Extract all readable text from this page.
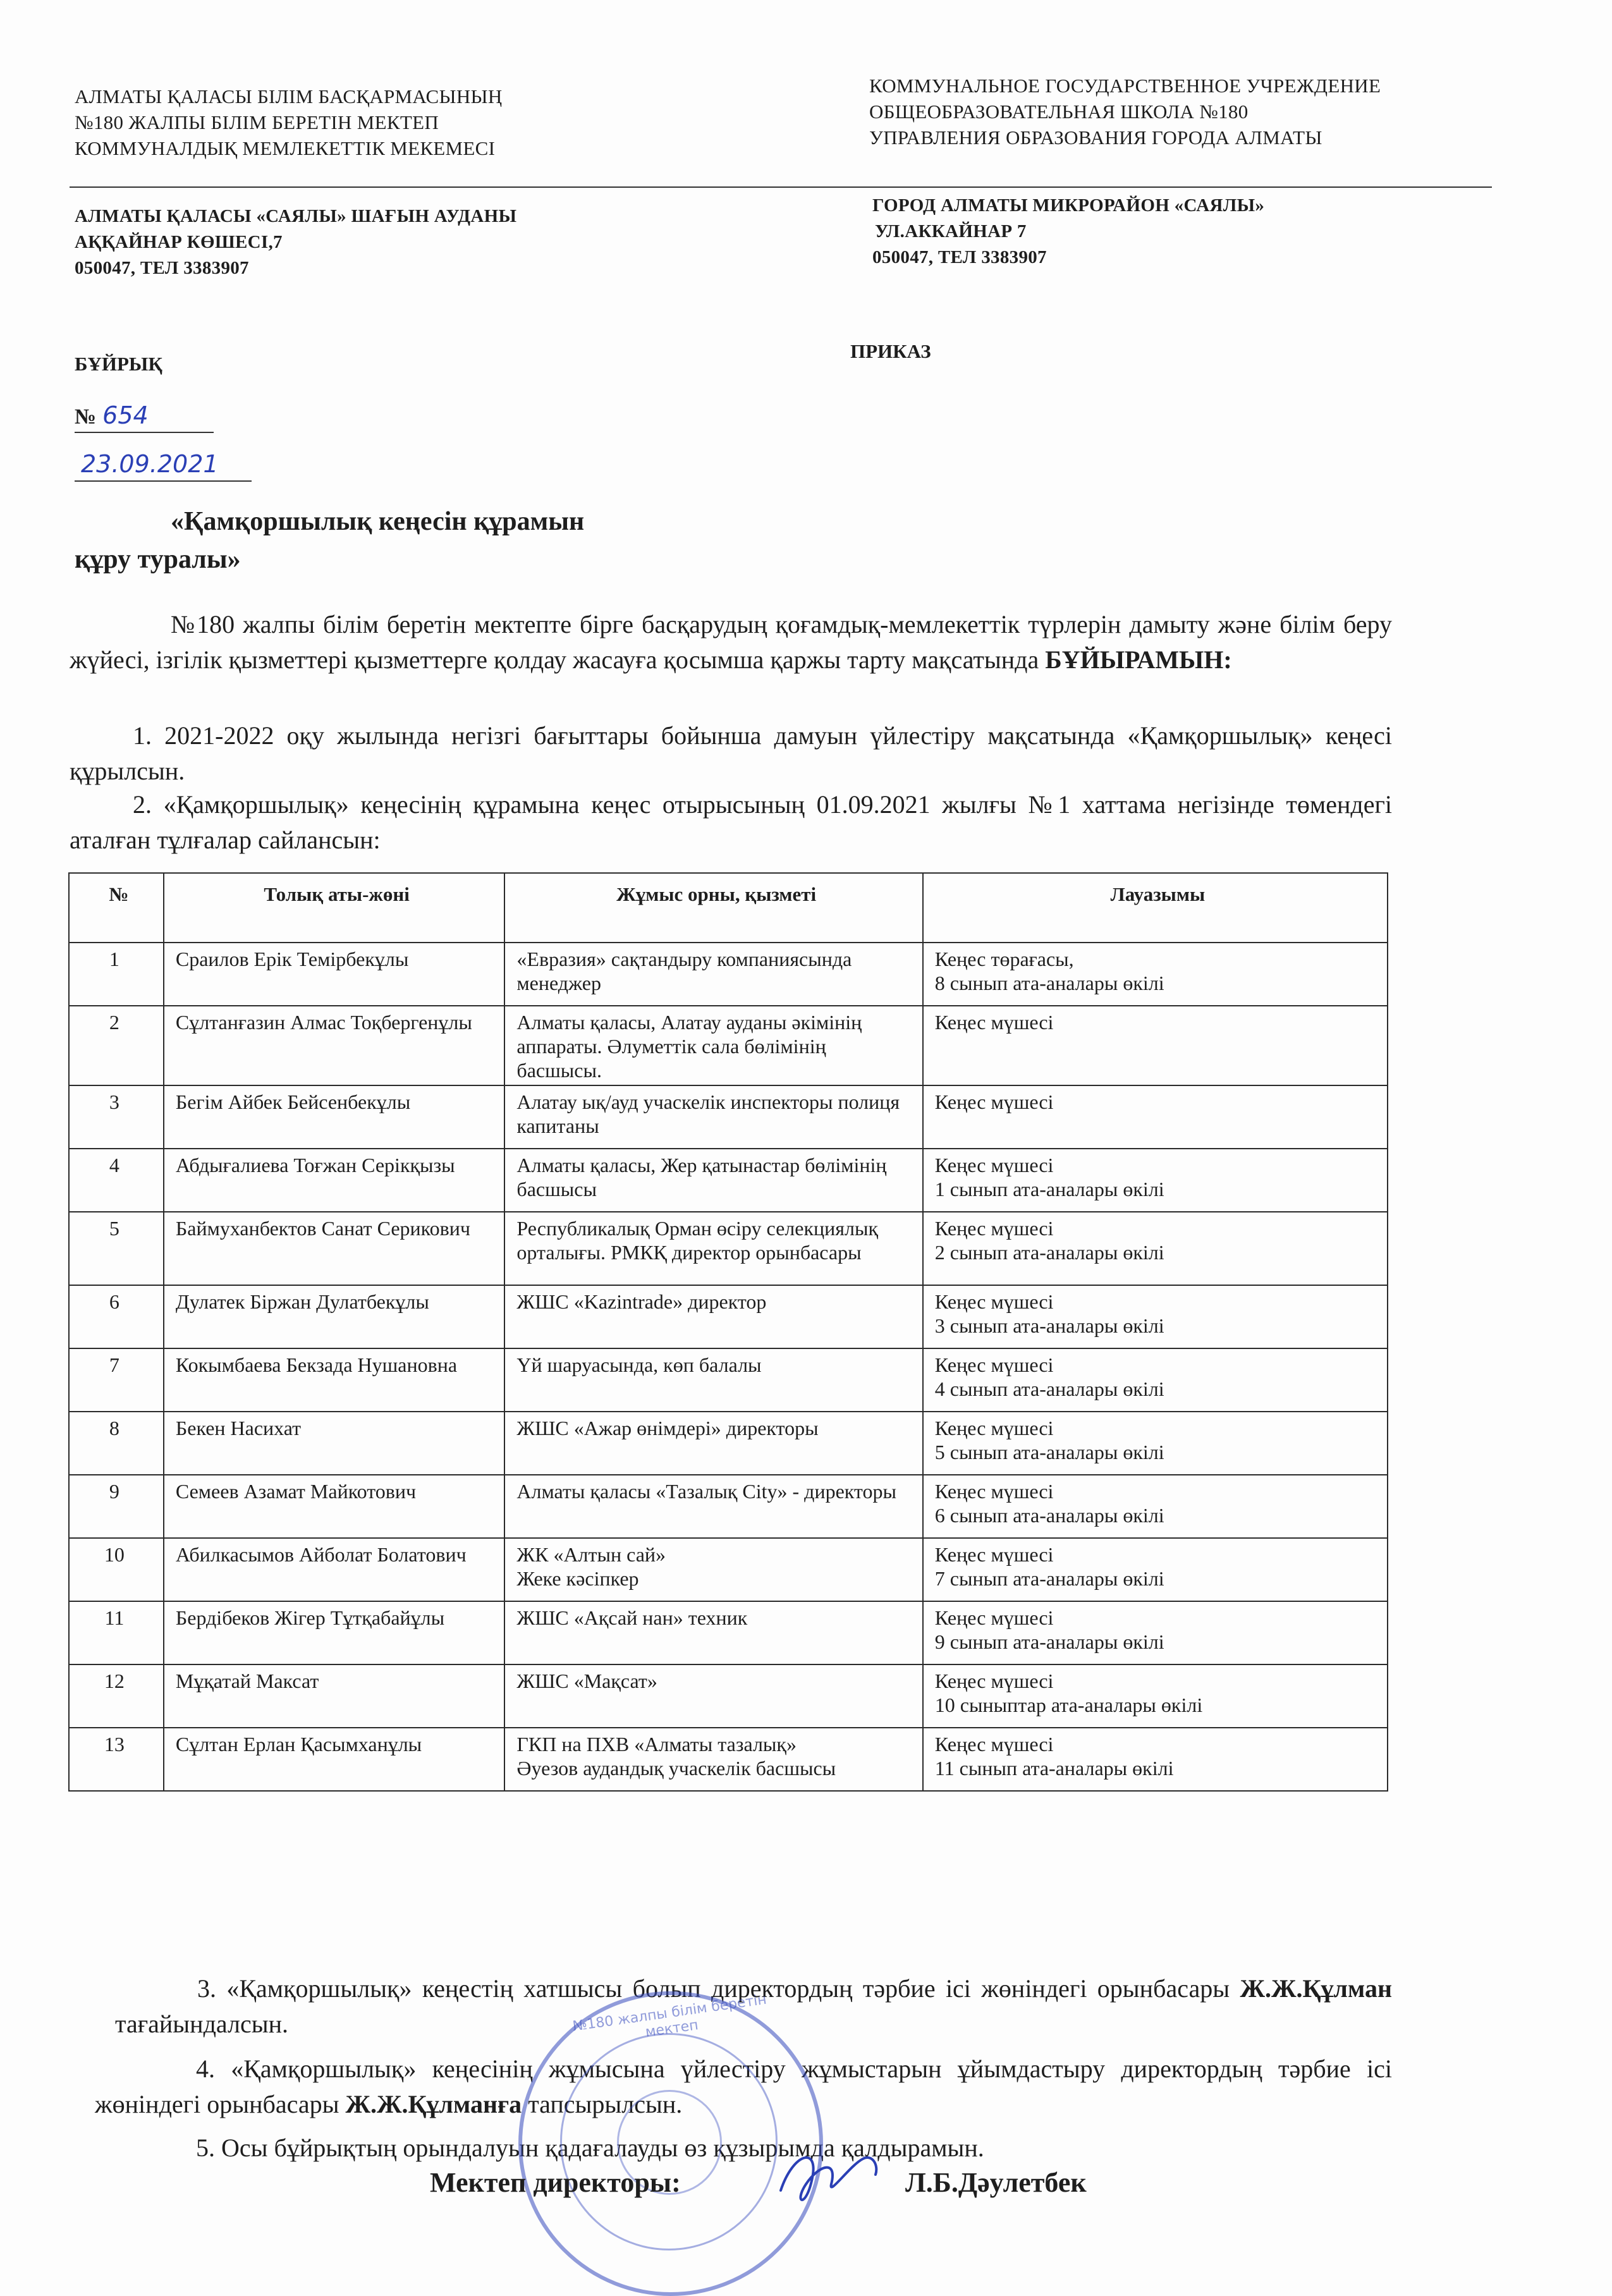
АЛМАТЫ ҚАЛАСЫ БІЛІМ БАСҚАРМАСЫНЫҢ
№180 ЖАЛПЫ БІЛІМ БЕРЕТІН МЕКТЕП
КОММУНАЛДЫҚ МЕМЛЕКЕТТІК МЕКЕМЕСІ
КОММУНАЛЬНОЕ ГОСУДАРСТВЕННОЕ УЧРЕЖДЕНИЕ
ОБЩЕОБРАЗОВАТЕЛЬНАЯ ШКОЛА №180
УПРАВЛЕНИЯ ОБРАЗОВАНИЯ ГОРОДА АЛМАТЫ
АЛМАТЫ ҚАЛАСЫ «САЯЛЫ» ШАҒЫН АУДАНЫ
АҚҚАЙНАР КӨШЕСІ,7
050047, ТЕЛ 3383907
ГОРОД АЛМАТЫ МИКРОРАЙОН «САЯЛЫ»
УЛ.АККАЙНАР 7
050047, ТЕЛ 3383907
БҰЙРЫҚ
ПРИКАЗ
№ 654
23.09.2021
«Қамқоршылық кеңесін құрамын
құру туралы»
№180 жалпы білім беретін мектепте бірге басқарудың қоғамдық-мемлекеттік түрлерін дамыту және білім беру жүйесі, ізгілік қызметтері қызметтерге қолдау жасауға қосымша қаржы тарту мақсатында БҰЙЫРАМЫН:
1. 2021-2022 оқу жылында негізгі бағыттары бойынша дамуын үйлестіру мақсатында «Қамқоршылық» кеңесі құрылсын.
2. «Қамқоршылық» кеңесінің құрамына кеңес отырысының 01.09.2021 жылғы №1 хаттама негізінде төмендегі аталған тұлғалар сайлансын:
№	Толық аты-жөні	Жұмыс орны, қызметі	Лауазымы
1	Сраилов Ерік Темірбекұлы	«Евразия» сақтандыру компаниясында менеджер	Кеңес төрағасы,
8 сынып ата-аналары өкілі
2	Сұлтанғазин Алмас Тоқбергенұлы	Алматы қаласы, Алатау ауданы әкімінің аппараты. Әлуметтік сала бөлімінің басшысы.	Кеңес мүшесі
3	Бегім Айбек Бейсенбекұлы	Алатау ық/ауд учаскелік инспекторы полиця капитаны	Кеңес мүшесі
4	Абдығалиева Тоғжан Серікқызы	Алматы қаласы, Жер қатынастар бөлімінің басшысы	Кеңес мүшесі
1 сынып ата-аналары өкілі
5	Баймуханбектов Санат Серикович	Республикалық Орман өсіру селекциялық орталығы. РМКҚ директор орынбасары	Кеңес мүшесі
2 сынып ата-аналары өкілі
6	Дулатек Біржан Дулатбекұлы	ЖШС «Kazintrade» директор	Кеңес мүшесі
3 сынып ата-аналары өкілі
7	Кокымбаева Бекзада Нушановна	Үй шаруасында, көп балалы	Кеңес мүшесі
4 сынып ата-аналары өкілі
8	Бекен Насихат	ЖШС «Ажар өнімдері» директоры	Кеңес мүшесі
5 сынып ата-аналары өкілі
9	Семеев Азамат Майкотович	Алматы қаласы «Тазалық City» - директоры	Кеңес мүшесі
6 сынып ата-аналары өкілі
10	Абилкасымов Айболат Болатович	ЖК «Алтын сай»
Жеке кәсіпкер	Кеңес мүшесі
7 сынып ата-аналары өкілі
11	Бердібеков Жігер Тұтқабайұлы	ЖШС «Ақсай нан» техник	Кеңес мүшесі
9 сынып ата-аналары өкілі
12	Мұқатай Максат	ЖШС «Мақсат»	Кеңес мүшесі
10 сыныптар ата-аналары өкілі
13	Сұлтан Ерлан Қасымханұлы	ГКП на ПХВ «Алматы тазалық»
Әуезов аудандық учаскелік басшысы	Кеңес мүшесі
11 сынып ата-аналары өкілі
3. «Қамқоршылық» кеңестің хатшысы болып директордың тәрбие ісі жөніндегі орынбасары Ж.Ж.Құлман тағайындалсын.
4. «Қамқоршылық» кеңесінің жұмысына үйлестіру жұмыстарын ұйымдастыру директордың тәрбие ісі жөніндегі орынбасары Ж.Ж.Құлманға тапсырылсын.
5. Осы бұйрықтың орындалуын қадағалауды өз құзырымда қалдырамын.
№180 жалпы білім беретін мектеп
Мектеп директоры:	Л.Б.Дәулетбек
